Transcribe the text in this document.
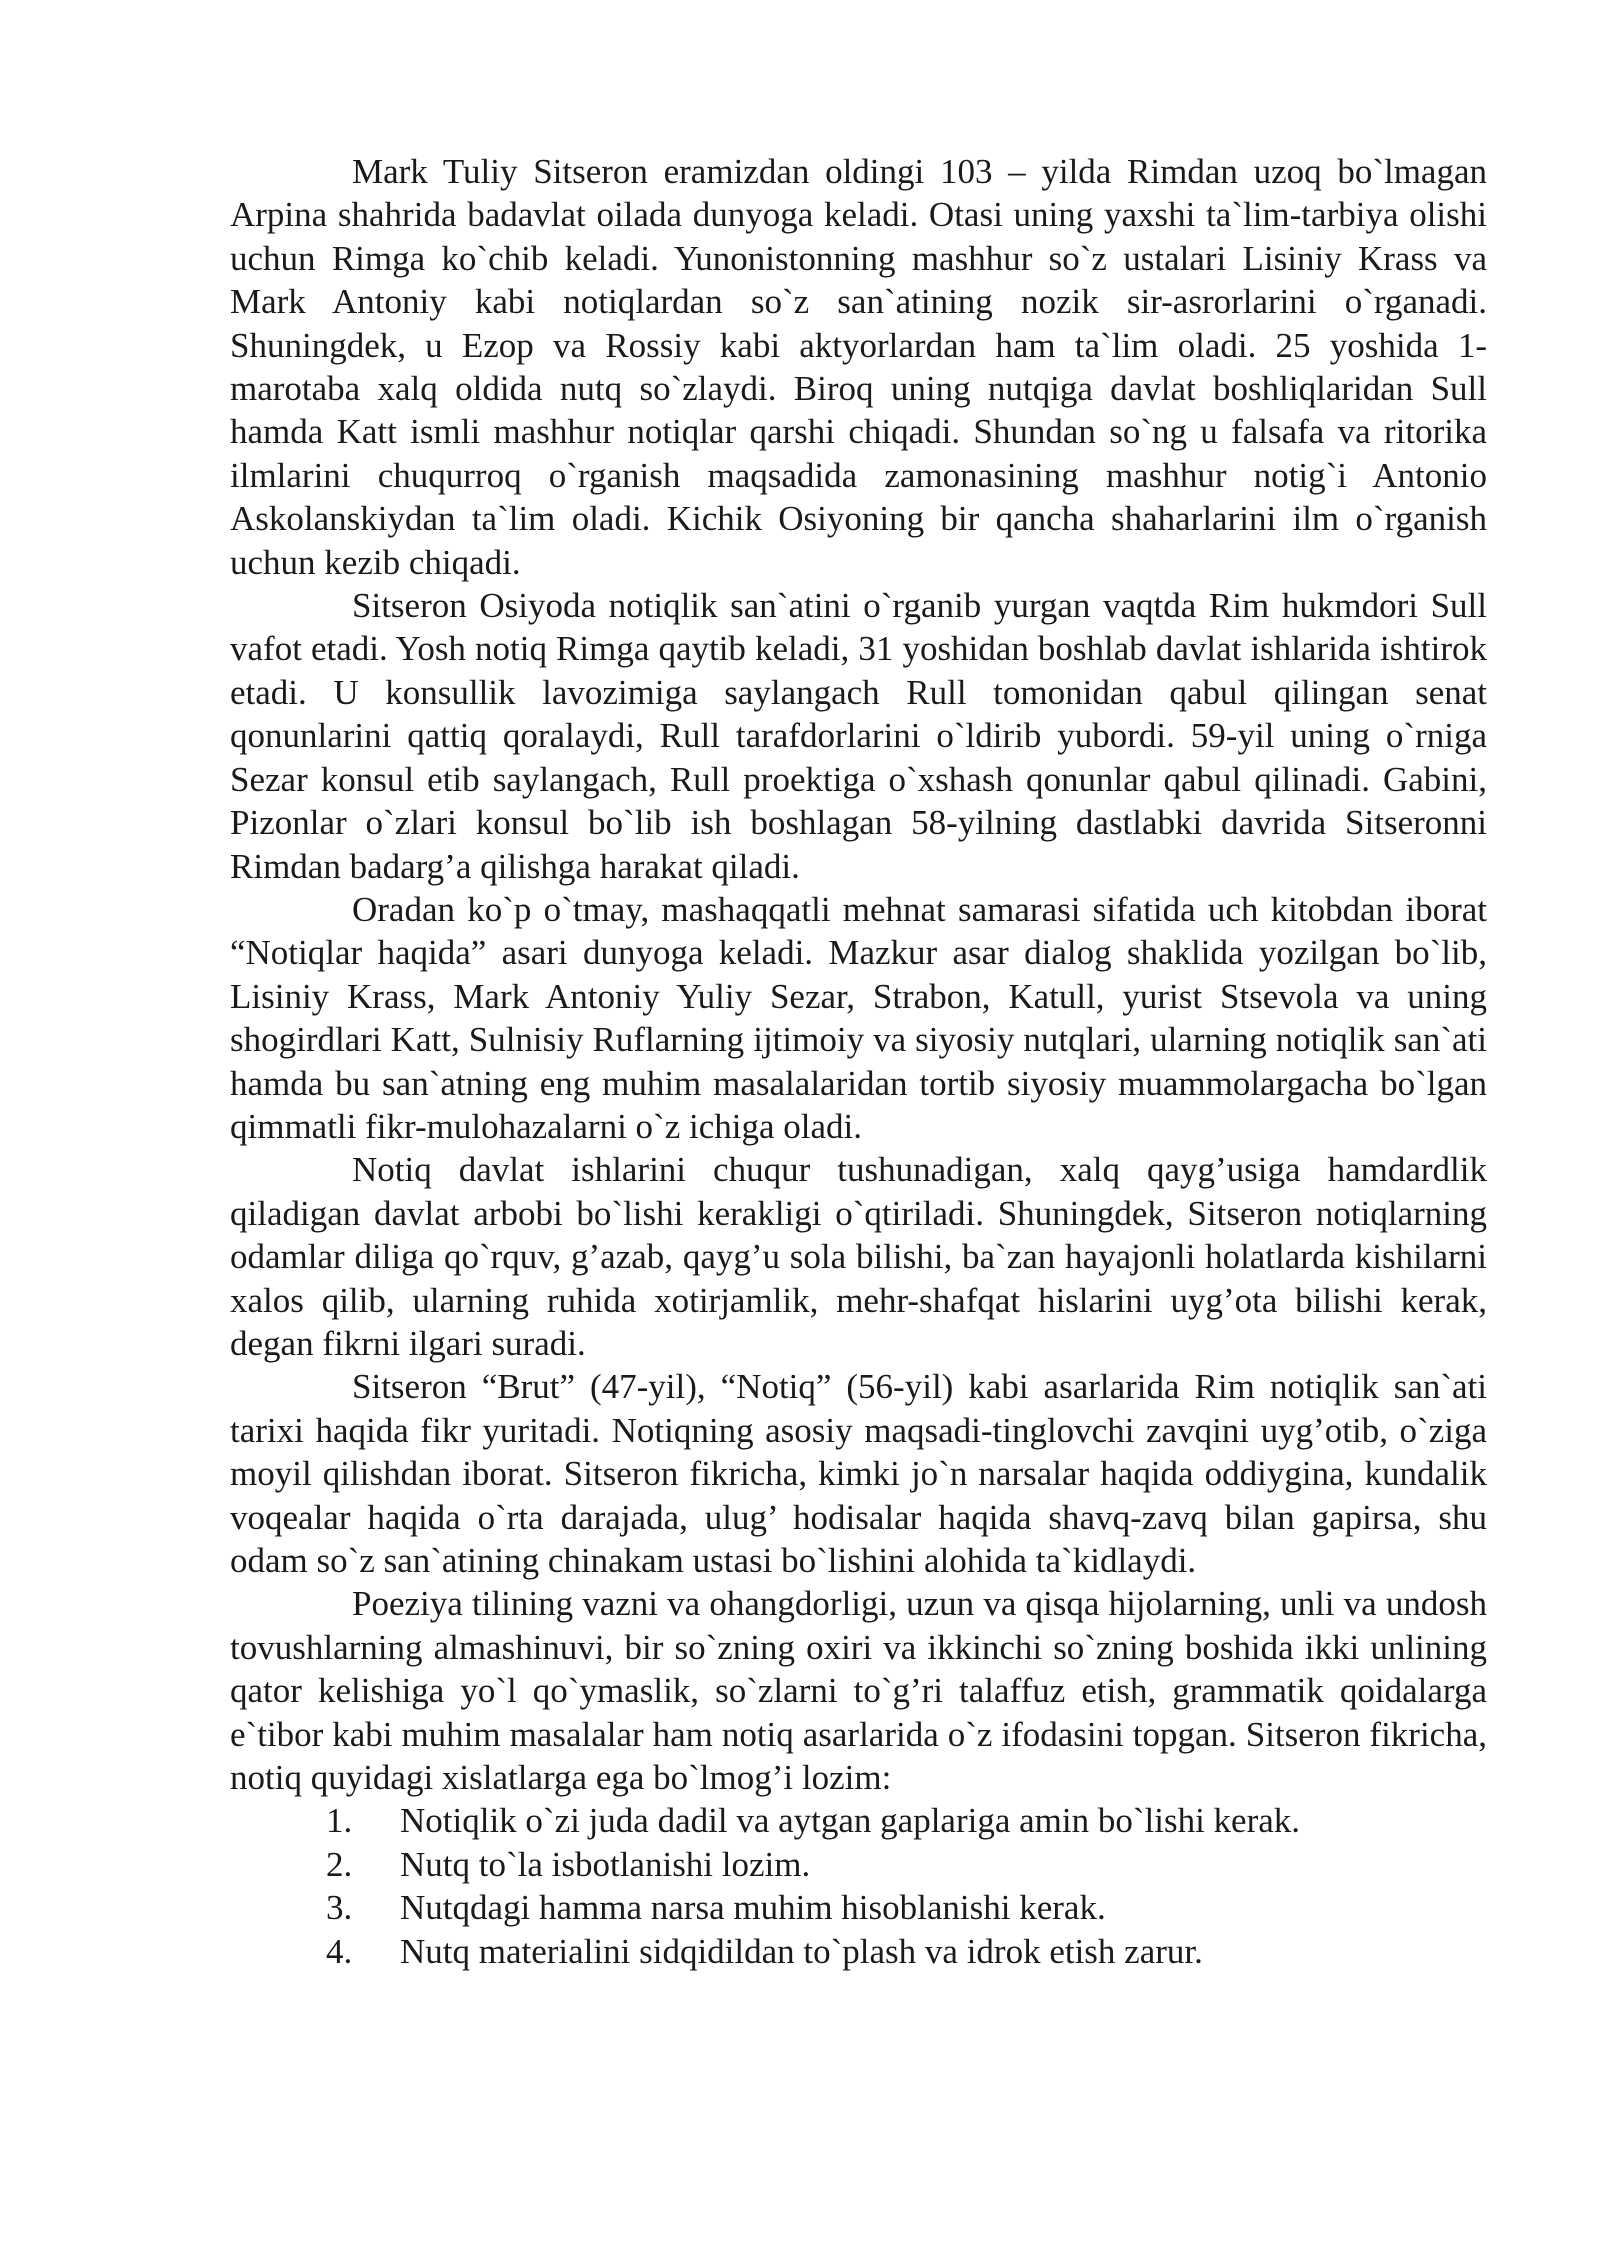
Mark Tuliy Sitseron eramizdan oldingi 103 – yilda Rimdan uzoq bo`lmagan Arpina shahrida badavlat oilada dunyoga keladi. Otasi uning yaxshi ta`lim-tarbiya olishi uchun Rimga ko`chib keladi. Yunonistonning mashhur so`z ustalari Lisiniy Krass va Mark Antoniy kabi notiqlardan so`z san`atining nozik sir-asrorlarini o`rganadi. Shuningdek, u Ezop va Rossiy kabi aktyorlardan ham ta`lim oladi. 25 yoshida 1-marotaba xalq oldida nutq so`zlaydi. Biroq uning nutqiga davlat boshliqlaridan Sull hamda Katt ismli mashhur notiqlar qarshi chiqadi. Shundan so`ng u falsafa va ritorika ilmlarini chuqurroq o`rganish maqsadida zamonasining mashhur notig`i Antonio Askolanskiydan ta`lim oladi. Kichik Osiyoning bir qancha shaharlarini ilm o`rganish uchun kezib chiqadi.

Sitseron Osiyoda notiqlik san`atini o`rganib yurgan vaqtda Rim hukmdori Sull vafot etadi. Yosh notiq Rimga qaytib keladi, 31 yoshidan boshlab davlat ishlarida ishtirok etadi. U konsullik lavozimiga saylangach Rull tomonidan qabul qilingan senat qonunlarini qattiq qoralaydi, Rull tarafdorlarini o`ldirib yubordi. 59-yil uning o`rniga Sezar konsul etib saylangach, Rull proektiga o`xshash qonunlar qabul qilinadi. Gabini, Pizonlar o`zlari konsul bo`lib ish boshlagan 58-yilning dastlabki davrida Sitseronni Rimdan badarg’a qilishga harakat qiladi.

Oradan ko`p o`tmay, mashaqqatli mehnat samarasi sifatida uch kitobdan iborat “Notiqlar haqida” asari dunyoga keladi. Mazkur asar dialog shaklida yozilgan bo`lib, Lisiniy Krass, Mark Antoniy Yuliy Sezar, Strabon, Katull, yurist Stsevola va uning shogirdlari Katt, Sulnisiy Ruflarning ijtimoiy va siyosiy nutqlari, ularning notiqlik san`ati hamda bu san`atning eng muhim masalalaridan tortib siyosiy muammolargacha bo`lgan qimmatli fikr-mulohazalarni o`z ichiga oladi.

Notiq davlat ishlarini chuqur tushunadigan, xalq qayg’usiga hamdardlik qiladigan davlat arbobi bo`lishi kerakligi o`qtiriladi. Shuningdek, Sitseron notiqlarning odamlar diliga qo`rquv, g’azab, qayg’u sola bilishi, ba`zan hayajonli holatlarda kishilarni xalos qilib, ularning ruhida xotirjamlik, mehr-shafqat hislarini uyg’ota bilishi kerak, degan fikrni ilgari suradi.

Sitseron “Brut” (47-yil), “Notiq” (56-yil) kabi asarlarida Rim notiqlik san`ati tarixi haqida fikr yuritadi. Notiqning asosiy maqsadi-tinglovchi zavqini uyg’otib, o`ziga moyil qilishdan iborat. Sitseron fikricha, kimki jo`n narsalar haqida oddiygina, kundalik voqealar haqida o`rta darajada, ulug’ hodisalar haqida shavq-zavq bilan gapirsa, shu odam so`z san`atining chinakam ustasi bo`lishini alohida ta`kidlaydi.

Poeziya tilining vazni va ohangdorligi, uzun va qisqa hijolarning, unli va undosh tovushlarning almashinuvi, bir so`zning oxiri va ikkinchi so`zning boshida ikki unlining qator kelishiga yo`l qo`ymaslik, so`zlarni to`g’ri talaffuz etish, grammatik qoidalarga e`tibor kabi muhim masalalar ham notiq asarlarida o`z ifodasini topgan. Sitseron fikricha, notiq quyidagi xislatlarga ega bo`lmog’i lozim:

1. Notiqlik o`zi juda dadil va aytgan gaplariga amin bo`lishi kerak.
2. Nutq to`la isbotlanishi lozim.
3. Nutqdagi hamma narsa muhim hisoblanishi kerak.
4. Nutq materialini sidqidildan to`plash va idrok etish zarur.
